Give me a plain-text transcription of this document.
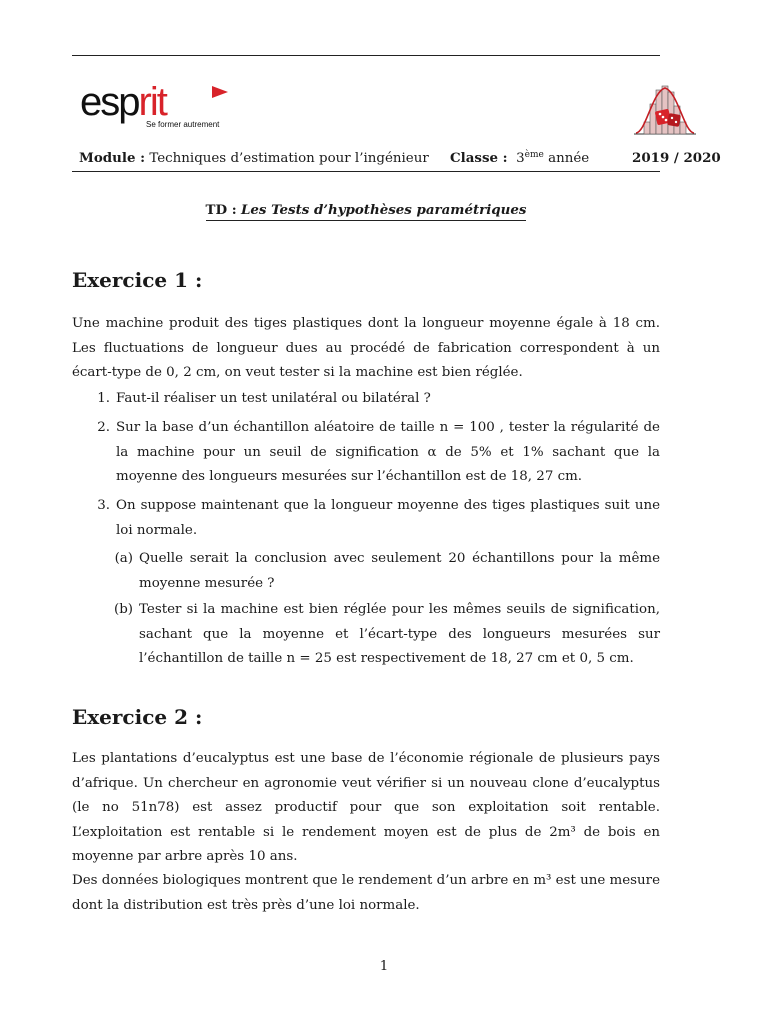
esprit
Se former autrement
Module : Techniques d’estimation pour l’ingénieur Classe : 3ème année	2019 / 2020
TD : Les Tests d’hypothèses paramétriques
Exercice 1 :

Une machine produit des tiges plastiques dont la longueur moyenne égale à 18 cm. Les fluctuations de longueur dues au procédé de fabrication correspondent à un écart-type de 0, 2 cm, on veut tester si la machine est bien réglée.

1. Faut-il réaliser un test unilatéral ou bilatéral ?

2. Sur la base d’un échantillon aléatoire de taille n = 100 , tester la régularité de la machine pour un seuil de signification α de 5% et 1% sachant que la moyenne des longueurs mesurées sur l’échantillon est de 18, 27 cm.

3. On suppose maintenant que la longueur moyenne des tiges plastiques suit une loi normale.

(a) Quelle serait la conclusion avec seulement 20 échantillons pour la même moyenne mesurée ?

(b) Tester si la machine est bien réglée pour les mêmes seuils de signification, sachant que la moyenne et l’écart-type des longueurs mesurées sur l’échantillon de taille n = 25 est respectivement de 18, 27 cm et 0, 5 cm.

Exercice 2 :

Les plantations d’eucalyptus est une base de l’économie régionale de plusieurs pays d’afrique. Un chercheur en agronomie veut vérifier si un nouveau clone d’eucalyptus (le no 51n78) est assez productif pour que son exploitation soit rentable. L’exploitation est rentable si le rendement moyen est de plus de 2m³ de bois en moyenne par arbre après 10 ans.

Des données biologiques montrent que le rendement d’un arbre en m³ est une mesure dont la distribution est très près d’une loi normale.

1
